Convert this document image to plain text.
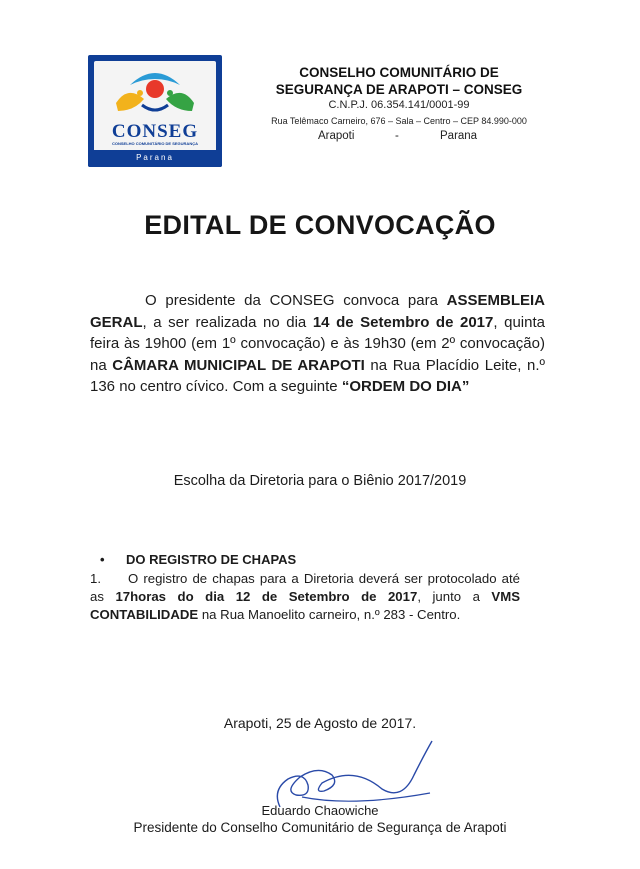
CONSEG
CONSELHO COMUNITÁRIO DE SEGURANÇA
Parana
CONSELHO COMUNITÁRIO DE
SEGURANÇA DE ARAPOTI – CONSEG
C.N.P.J. 06.354.141/0001-99
Rua Telêmaco Carneiro, 676 – Sala – Centro – CEP 84.990-000
Arapoti	-	Parana
EDITAL DE CONVOCAÇÃO
O presidente da CONSEG convoca para ASSEMBLEIA GERAL, a ser realizada no dia 14 de Setembro de 2017, quinta feira às 19h00 (em 1º convocação) e às 19h30 (em 2º convocação) na CÂMARA MUNICIPAL DE ARAPOTI na Rua Placídio Leite, n.º 136 no centro cívico. Com a seguinte “ORDEM DO DIA”
Escolha da Diretoria para o Biênio 2017/2019
• DO REGISTRO DE CHAPAS
1. O registro de chapas para a Diretoria deverá ser protocolado até as 17horas do dia 12 de Setembro de 2017, junto a VMS CONTABILIDADE na Rua Manoelito carneiro, n.º 283 - Centro.
Arapoti, 25 de Agosto de 2017.
Eduardo Chaowiche
Presidente do Conselho Comunitário de Segurança de Arapoti
